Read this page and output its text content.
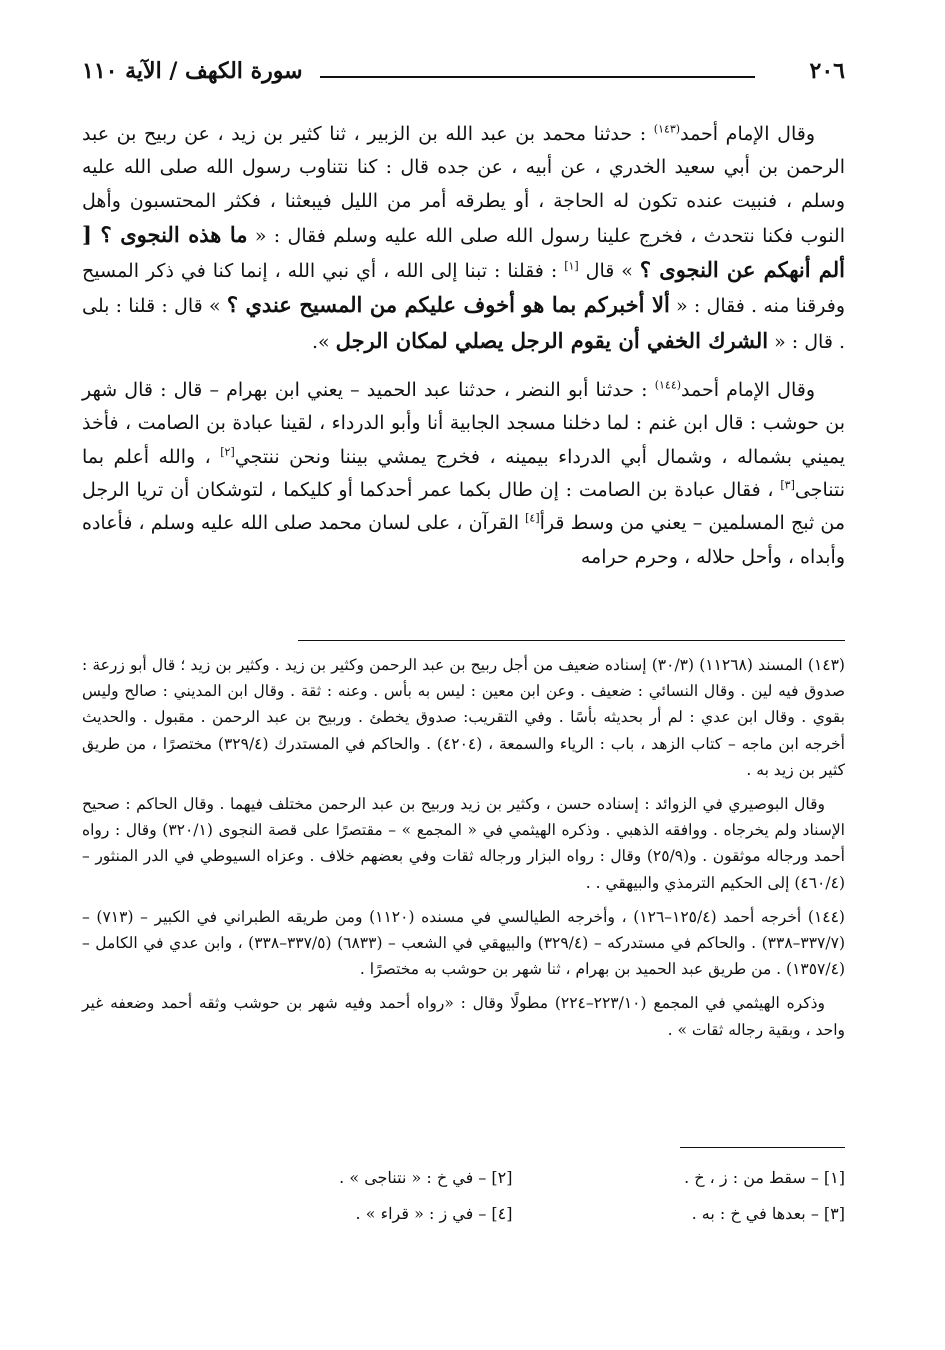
٢٠٦
سورة الكهف / الآية ١١٠

وقال الإمام أحمد$^{(١٤٣)}$ : حدثنا محمد بن عبد الله بن الزبير ، ثنا كثير بن زيد ، عن ربيح بن عبد الرحمن بن أبي سعيد الخدري ، عن أبيه ، عن جده قال : كنا نتناوب رسول الله صلى الله عليه وسلم ، فنبيت عنده تكون له الحاجة ، أو يطرقه أمر من الليل فيبعثنا ، فكثر المحتسبون وأهل النوب فكنا نتحدث ، فخرج علينا رسول الله صلى الله عليه وسلم فقال : « ما هذه النجوى ؟ [ ألم أنهكم عن النجوى ؟ » قال [١] : فقلنا : تبنا إلى الله ، أي نبي الله ، إنما كنا في ذكر المسيح وفرقنا منه . فقال : « ألا أخبركم بما هو أخوف عليكم من المسيح عندي ؟ » قال : قلنا : بلى . قال : « الشرك الخفي أن يقوم الرجل يصلي لمكان الرجل ».

وقال الإمام أحمد$^{(١٤٤)}$ : حدثنا أبو النضر ، حدثنا عبد الحميد – يعني ابن بهرام – قال : قال شهر بن حوشب : قال ابن غنم : لما دخلنا مسجد الجابية أنا وأبو الدرداء ، لقينا عبادة بن الصامت ، فأخذ يميني بشماله ، وشمال أبي الدرداء بيمينه ، فخرج يمشي بيننا ونحن ننتجي[٢] ، والله أعلم بما نتناجى[٣] ، فقال عبادة بن الصامت : إن طال بكما عمر أحدكما أو كليكما ، لتوشكان أن تريا الرجل من ثبج المسلمين – يعني من وسط قرأ[٤] القرآن ، على لسان محمد صلى الله عليه وسلم ، فأعاده وأبداه ، وأحل حلاله ، وحرم حرامه

(١٤٣) المسند (١١٢٦٨) (٣٠/٣) إسناده ضعيف من أجل ربيح بن عبد الرحمن وكثير بن زيد . وكثير بن زيد ؛ قال أبو زرعة : صدوق فيه لين . وقال النسائي : ضعيف . وعن ابن معين : ليس به بأس . وعنه : ثقة . وقال ابن المديني : صالح وليس بقوي . وقال ابن عدي : لم أر بحديثه بأسًا . وفي التقريب: صدوق يخطئ . وربيح بن عبد الرحمن . مقبول . والحديث أخرجه ابن ماجه – كتاب الزهد ، باب : الرياء والسمعة ، (٤٢٠٤) . والحاكم في المستدرك (٣٢٩/٤) مختصرًا ، من طريق كثير بن زيد به .

وقال البوصيري في الزوائد : إسناده حسن ، وكثير بن زيد وربيح بن عبد الرحمن مختلف فيهما . وقال الحاكم : صحيح الإسناد ولم يخرجاه . ووافقه الذهبي . وذكره الهيثمي في « المجمع » – مقتصرًا على قصة النجوى (٣٢٠/١) وقال : رواه أحمد ورجاله موثقون . و(٢٥/٩) وقال : رواه البزار ورجاله ثقات وفي بعضهم خلاف . وعزاه السيوطي في الدر المنثور – (٤٦٠/٤) إلى الحكيم الترمذي والبيهقي . .

(١٤٤) أخرجه أحمد (١٢٥/٤–١٢٦) ، وأخرجه الطيالسي في مسنده (١١٢٠) ومن طريقه الطبراني في الكبير – (٧١٣) – (٣٣٧/٧–٣٣٨) . والحاكم في مستدركه – (٣٢٩/٤) والبيهقي في الشعب – (٦٨٣٣) (٣٣٧/٥–٣٣٨) ، وابن عدي في الكامل – (١٣٥٧/٤) . من طريق عبد الحميد بن بهرام ، ثنا شهر بن حوشب به مختصرًا .

وذكره الهيثمي في المجمع (٢٢٣/١٠–٢٢٤) مطولًا وقال : «رواه أحمد وفيه شهر بن حوشب وثقه أحمد وضعفه غير واحد ، وبقية رجاله ثقات » .

[١] – سقط من : ز ، خ .
[٢] – في خ : « نتناجى » .
[٣] – بعدها في خ : به .
[٤] – في ز : « قراء » .
